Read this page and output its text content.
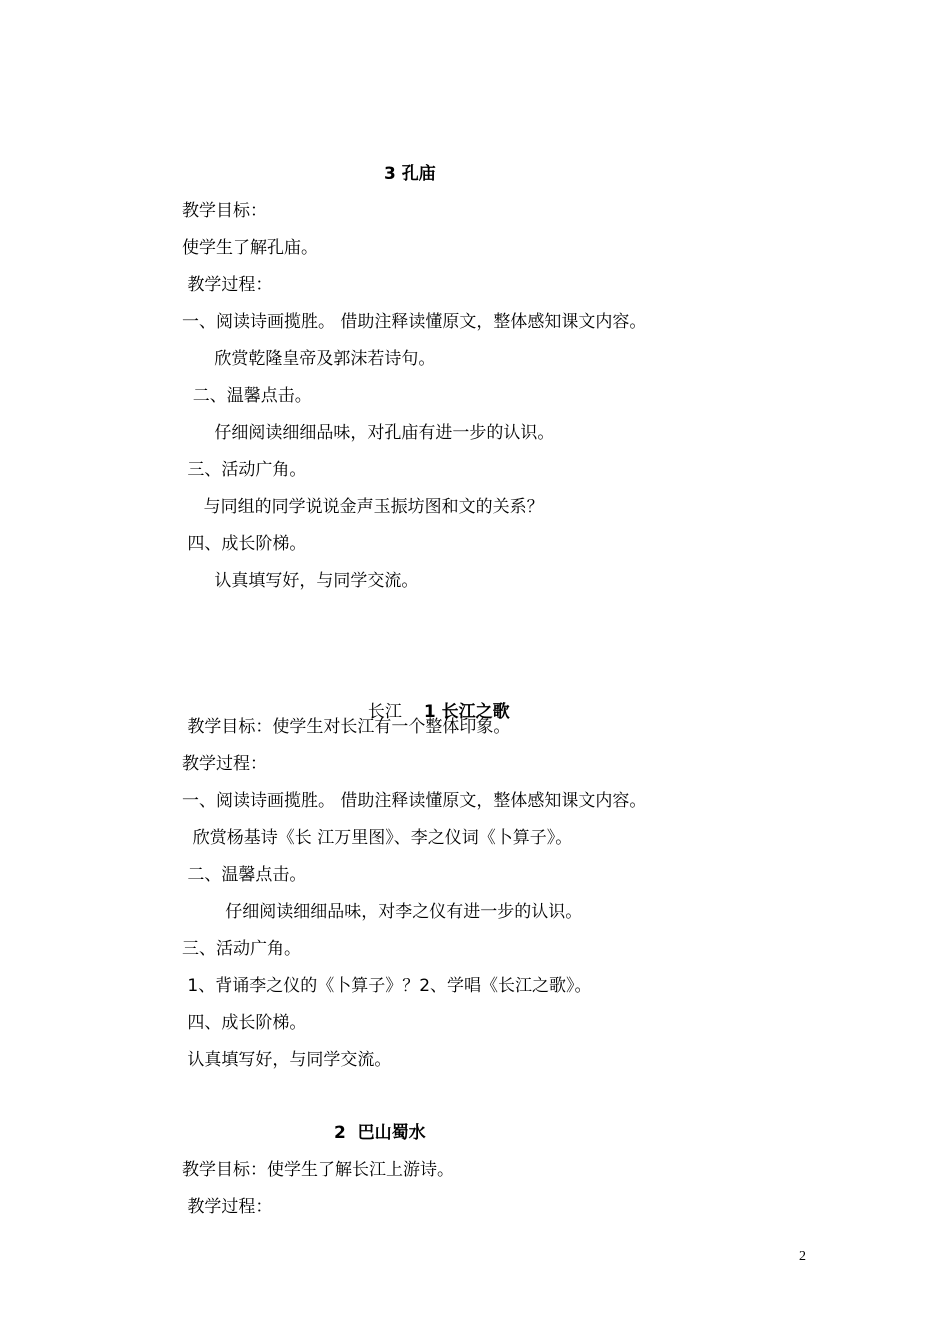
3 孔庙
教学目标：
使学生了解孔庙。
教学过程：
一、阅读诗画揽胜。 借助注释读懂原文，整体感知课文内容。
欣赏乾隆皇帝及郭沫若诗句。
二、温馨点击。
仔细阅读细细品味，对孔庙有进一步的认识。
三、活动广角。
与同组的同学说说金声玉振坊图和文的关系？
四、成长阶梯。
认真填写好，与同学交流。

长江 1 长江之歌

教学目标：使学生对长江有一个整体印象。
教学过程：
一、阅读诗画揽胜。 借助注释读懂原文，整体感知课文内容。
欣赏杨基诗《长 江万里图》、李之仪词《卜算子》。
二、温馨点击。
仔细阅读细细品味，对李之仪有进一步的认识。
三、活动广角。
1、背诵李之仪的《卜算子》？2、学唱《长江之歌》。
四、成长阶梯。
认真填写好，与同学交流。
2  巴山蜀水
教学目标：使学生了解长江上游诗。
教学过程：
2
